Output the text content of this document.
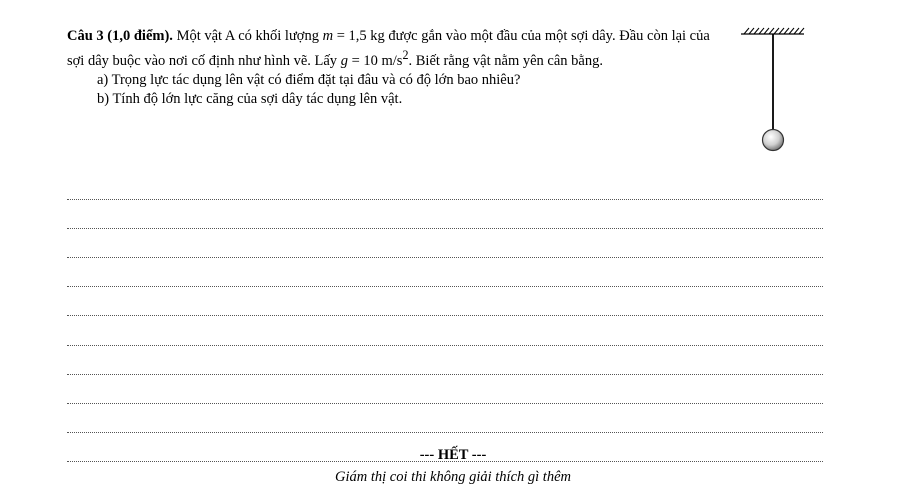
Câu 3 (1,0 điểm). Một vật A có khối lượng m = 1,5 kg được gắn vào một đầu của một sợi dây. Đầu còn lại của sợi dây buộc vào nơi cố định như hình vẽ. Lấy g = 10 $m/s^2$. Biết rằng vật nằm yên cân bằng.

a) Trọng lực tác dụng lên vật có điểm đặt tại đâu và có độ lớn bao nhiêu?

b) Tính độ lớn lực căng của sợi dây tác dụng lên vật.

--- HẾT ---
Giám thị coi thi không giải thích gì thêm
